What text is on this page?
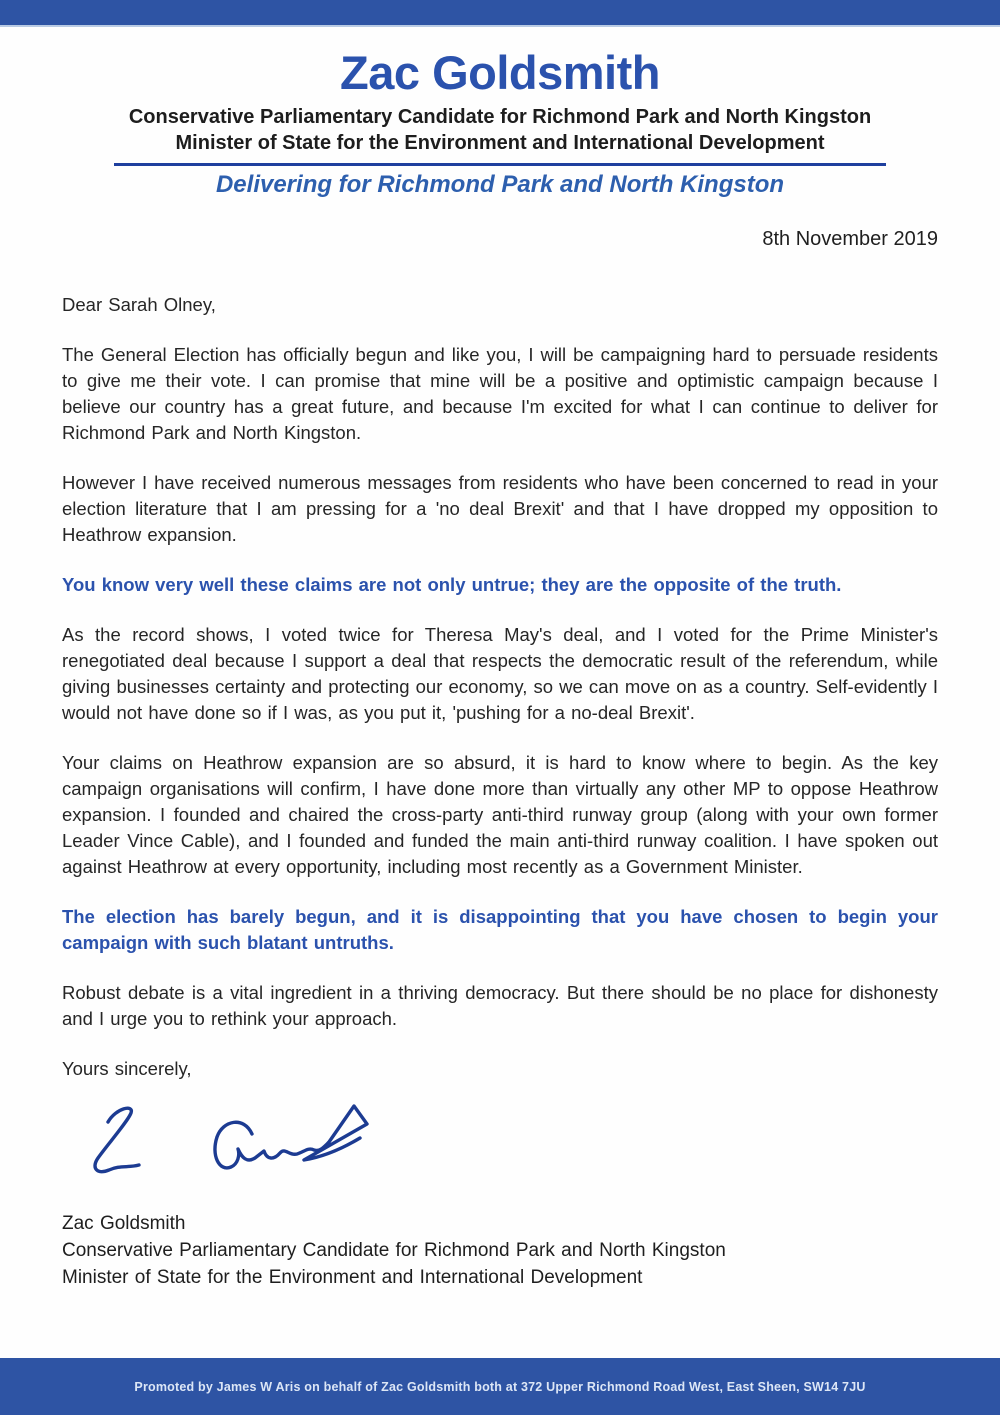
Zac Goldsmith
Conservative Parliamentary Candidate for Richmond Park and North Kingston
Minister of State for the Environment and International Development
Delivering for Richmond Park and North Kingston
8th November 2019

Dear Sarah Olney,

The General Election has officially begun and like you, I will be campaigning hard to persuade residents to give me their vote. I can promise that mine will be a positive and optimistic campaign because I believe our country has a great future, and because I'm excited for what I can continue to deliver for Richmond Park and North Kingston.

However I have received numerous messages from residents who have been concerned to read in your election literature that I am pressing for a 'no deal Brexit' and that I have dropped my opposition to Heathrow expansion.

You know very well these claims are not only untrue; they are the opposite of the truth.

As the record shows, I voted twice for Theresa May's deal, and I voted for the Prime Minister's renegotiated deal because I support a deal that respects the democratic result of the referendum, while giving businesses certainty and protecting our economy, so we can move on as a country. Self-evidently I would not have done so if I was, as you put it, 'pushing for a no-deal Brexit'.

Your claims on Heathrow expansion are so absurd, it is hard to know where to begin. As the key campaign organisations will confirm, I have done more than virtually any other MP to oppose Heathrow expansion. I founded and chaired the cross-party anti-third runway group (along with your own former Leader Vince Cable), and I founded and funded the main anti-third runway coalition. I have spoken out against Heathrow at every opportunity, including most recently as a Government Minister.

The election has barely begun, and it is disappointing that you have chosen to begin your campaign with such blatant untruths.

Robust debate is a vital ingredient in a thriving democracy. But there should be no place for dishonesty and I urge you to rethink your approach.

Yours sincerely,

Zac Goldsmith
Conservative Parliamentary Candidate for Richmond Park and North Kingston
Minister of State for the Environment and International Development
Promoted by James W Aris on behalf of Zac Goldsmith both at 372 Upper Richmond Road West, East Sheen, SW14 7JU
